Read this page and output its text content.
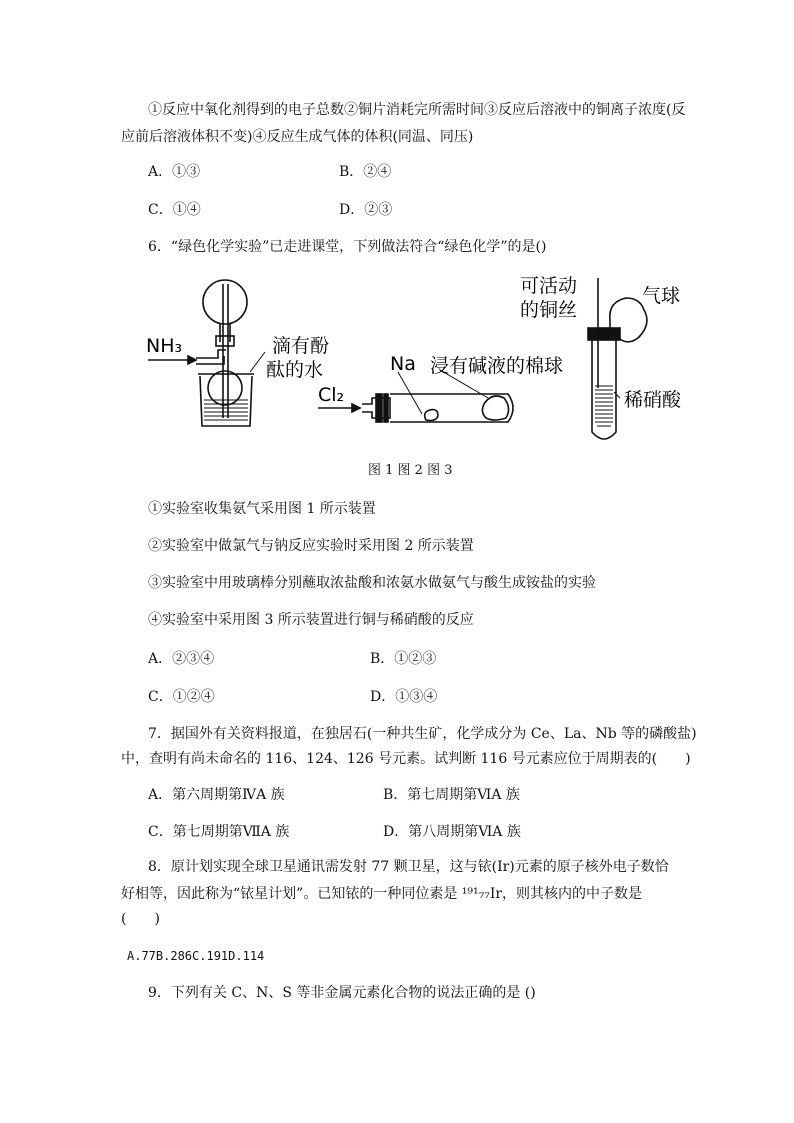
①反应中氧化剂得到的电子总数②铜片消耗完所需时间③反应后溶液中的铜离子浓度(反
应前后溶液体积不变)④反应生成气体的体积(同温、同压)
A．①③	B．②④
C．①④	D．②③
6．“绿色化学实验”已走进课堂，下列做法符合“绿色化学”的是()
NH₃	滴有酚
酞的水
Cl₂
Na 浸有碱液的棉球
可活动
的铜丝
气球
稀硝酸
图 1 图 2 图 3
①实验室收集氨气采用图 1 所示装置
②实验室中做氯气与钠反应实验时采用图 2 所示装置
③实验室中用玻璃棒分别蘸取浓盐酸和浓氨水做氨气与酸生成铵盐的实验
④实验室中采用图 3 所示装置进行铜与稀硝酸的反应
A．②③④	B．①②③
C．①②④	D．①③④
7．据国外有关资料报道，在独居石(一种共生矿，化学成分为 Ce、La、Nb 等的磷酸盐)
中，查明有尚未命名的 116、124、126 号元素。试判断 116 号元素应位于周期表的(　　)
A．第六周期第ⅣA 族	B．第七周期第ⅥA 族
C．第七周期第ⅦA 族	D．第八周期第ⅥA 族
8．原计划实现全球卫星通讯需发射 77 颗卫星，这与铱(Ir)元素的原子核外电子数恰
好相等，因此称为“铱星计划”。已知铱的一种同位素是 ¹⁹¹₇₇Ir，则其核内的中子数是
(　　)
A.77B.286C.191D.114
9．下列有关 C、N、S 等非金属元素化合物的说法正确的是 ()
